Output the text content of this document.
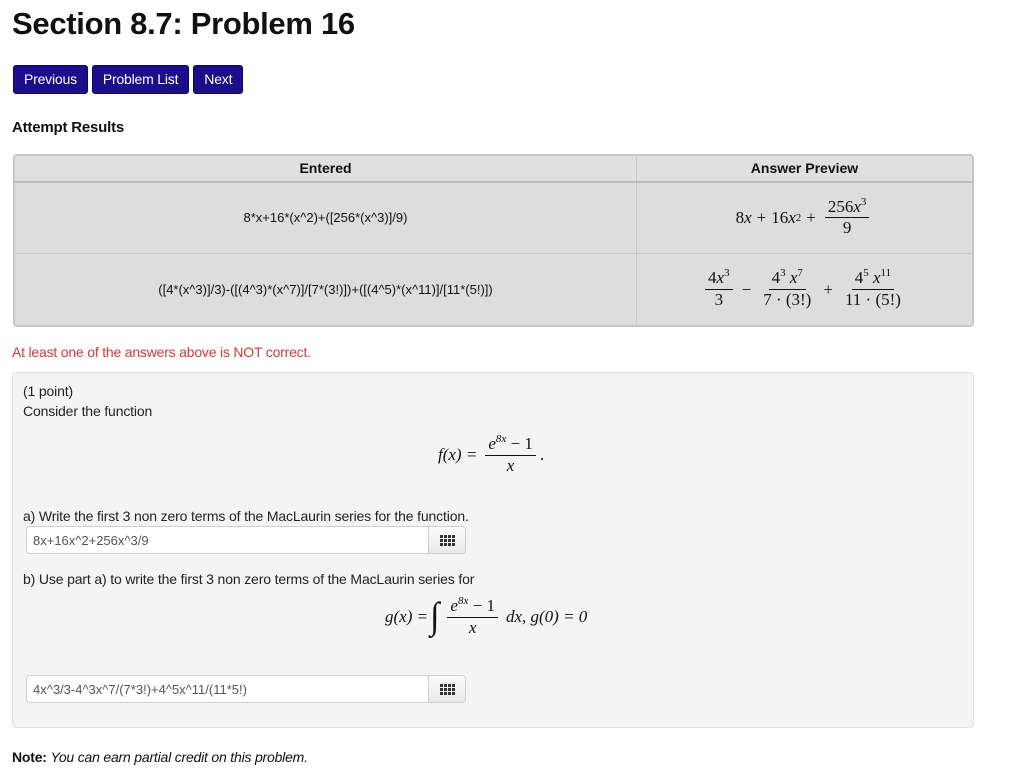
Section 8.7: Problem 16
Previous	Problem List	Next
Attempt Results
Entered	Answer Preview
8*x+16*(x^2)+([256*(x^3)]/9)	8 x + 16 x $2 + \frac{256x^3}{9}$

([4*(x^3)]/3)-([(4^3)*(x^7)]/[7*(3!)])+([(4^5)*(x^11)]/[11*(5!)])	$\frac{4x^3}{3} - \frac{4^3 x^7}{7 \cdot (3!)} + \frac{4^5 x^{11}}{11 \cdot (5!)}$
At least one of the answers above is NOT correct.
(1 point)
Consider the function
$f(x) = \frac{e^{8x} - 1}{x}$ .
a) Write the first 3 non zero terms of the MacLaurin series for the function.
8x+16x^2+256x^3/9
b) Use part a) to write the first 3 non zero terms of the MacLaurin series for
g(x) = ∫ $\frac{e^{8x} - 1}{x}$ dx, g(0) = 0
4x^3/3-4^3x^7/(7*3!)+4^5x^11/(11*5!)
Note: You can earn partial credit on this problem.
